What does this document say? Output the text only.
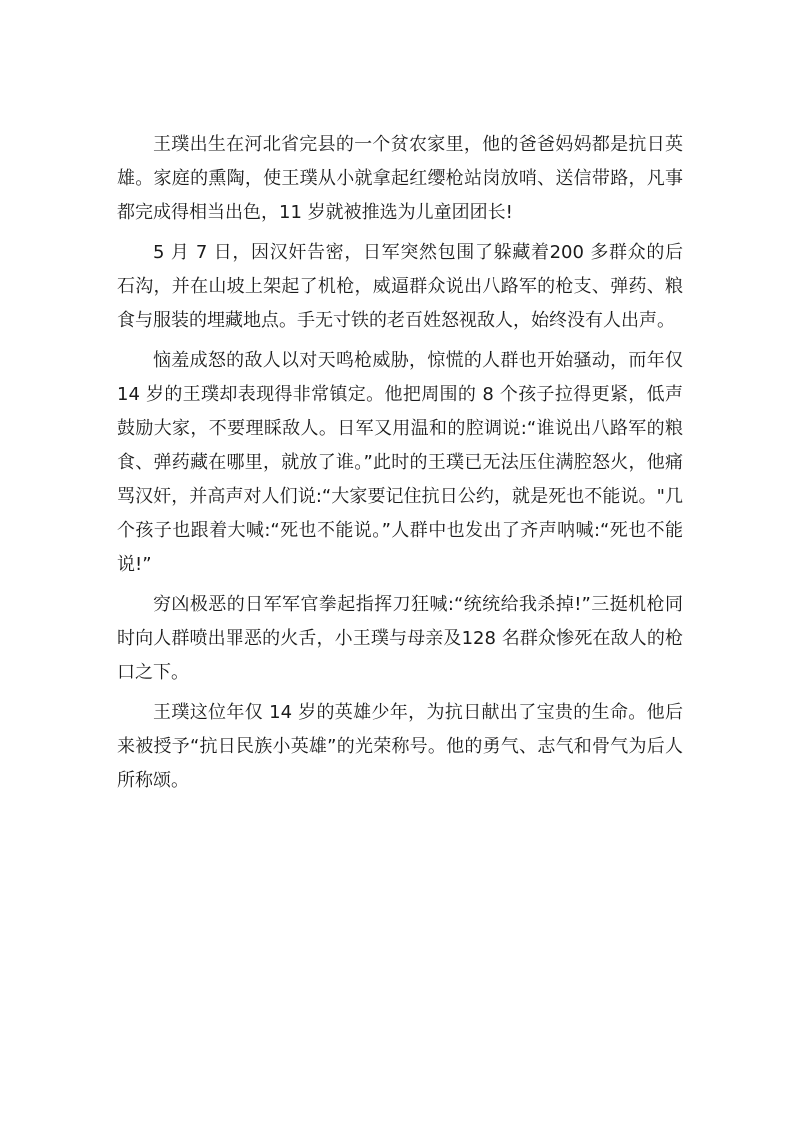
王璞出生在河北省完县的一个贫农家里，他的爸爸妈妈都是抗日英雄。家庭的熏陶，使王璞从小就拿起红缨枪站岗放哨、送信带路，凡事都完成得相当出色，11 岁就被推选为儿童团团长!

5 月 7 日，因汉奸告密，日军突然包围了躲藏着200 多群众的后石沟，并在山坡上架起了机枪，威逼群众说出八路军的枪支、弹药、粮食与服装的埋藏地点。手无寸铁的老百姓怒视敌人，始终没有人出声。

恼羞成怒的敌人以对天鸣枪威胁，惊慌的人群也开始骚动，而年仅 14 岁的王璞却表现得非常镇定。他把周围的 8 个孩子拉得更紧，低声鼓励大家，不要理睬敌人。日军又用温和的腔调说:“谁说出八路军的粮食、弹药藏在哪里，就放了谁。”此时的王璞已无法压住满腔怒火，他痛骂汉奸，并高声对人们说:“大家要记住抗日公约，就是死也不能说。"几个孩子也跟着大喊:“死也不能说。”人群中也发出了齐声呐喊:“死也不能说!”

穷凶极恶的日军军官拳起指挥刀狂喊:“统统给我杀掉!”三挺机枪同时向人群喷出罪恶的火舌，小王璞与母亲及128 名群众惨死在敌人的枪口之下。

王璞这位年仅 14 岁的英雄少年，为抗日献出了宝贵的生命。他后来被授予“抗日民族小英雄”的光荣称号。他的勇气、志气和骨气为后人所称颂。
